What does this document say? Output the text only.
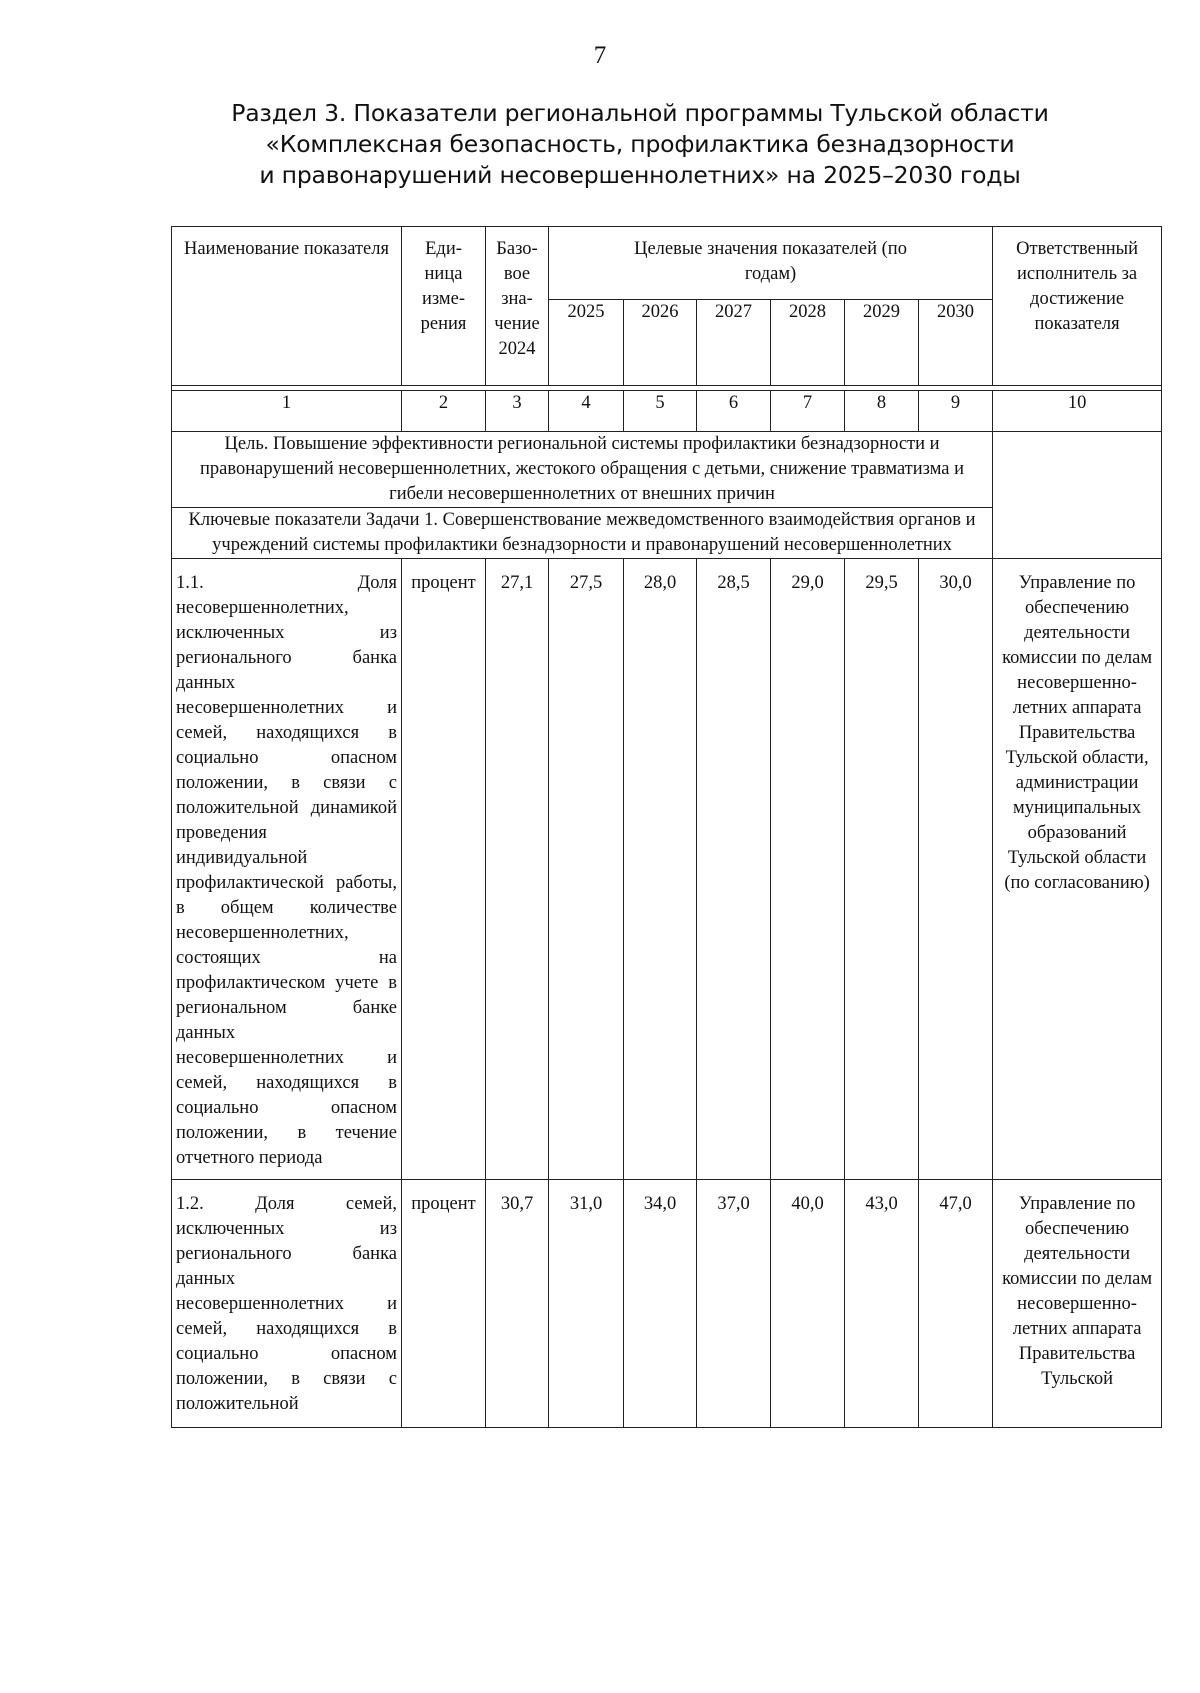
7
Раздел 3. Показатели региональной программы Тульской области
«Комплексная безопасность, профилактика безнадзорности
и правонарушений несовершеннолетних» на 2025–2030 годы
Наименование показателя	Еди-ница изме-рения	Базо-вое зна-чение 2024	Целевые значения показателей (по годам)						Ответственный исполнитель за достижение показателя
			2025	2026	2027	2028	2029	2030	

1	2	3	4	5	6	7	8	9	10
Цель. Повышение эффективности региональной системы профилактики безнадзорности и правонарушений несовершеннолетних, жестокого обращения с детьми, снижение травматизма и гибели несовершеннолетних от внешних причин									
Ключевые показатели Задачи 1. Совершенствование межведомственного взаимодействия органов и учреждений системы профилактики безнадзорности и правонарушений несовершеннолетних									
1.1. Доля несовершеннолетних, исключенных из регионального банка данных несовершеннолетних и семей, находящихся в социально опасном положении, в связи с положительной динамикой проведения индивидуальной профилактической работы, в общем количестве несовершеннолетних, состоящих на профилактическом учете в региональном банке данных несовершеннолетних и семей, находящихся в социально опасном положении, в течение отчетного периода	процент	27,1	27,5	28,0	28,5	29,0	29,5	30,0	Управление по обеспечению деятельности комиссии по делам несовершенно-летних аппарата Правительства Тульской области, администрации муниципальных образований Тульской области (по согласованию)
1.2. Доля семей, исключенных из регионального банка данных несовершеннолетних и семей, находящихся в социально опасном положении, в связи с положительной	процент	30,7	31,0	34,0	37,0	40,0	43,0	47,0	Управление по обеспечению деятельности комиссии по делам несовершенно-летних аппарата Правительства Тульской
